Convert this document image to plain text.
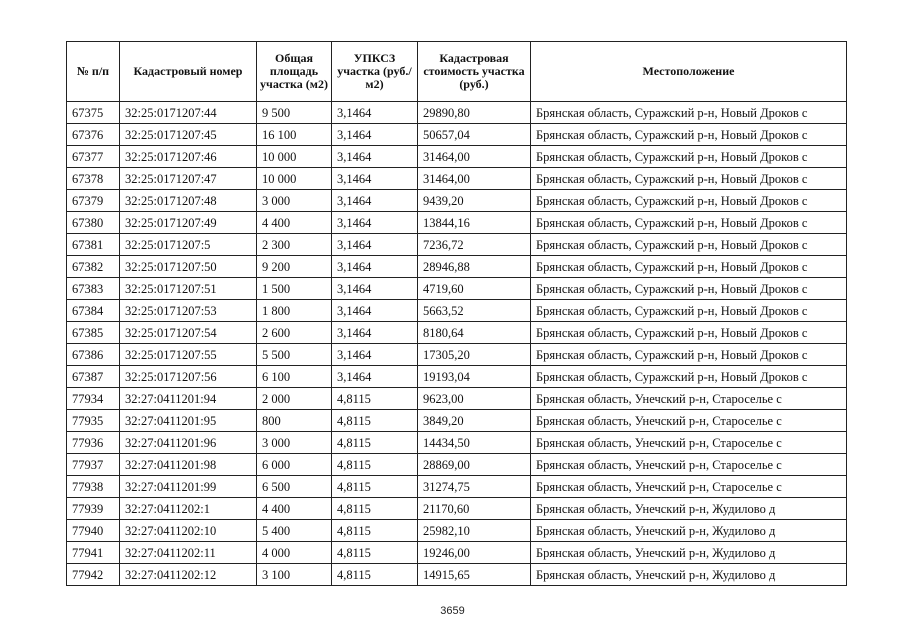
№ п/п	Кадастровый номер	Общая площадь участка (м2)	УПКСЗ участка (руб./м2)	Кадастровая стоимость участка (руб.)	Местоположение
67375	32:25:0171207:44	9 500	3,1464	29890,80	Брянская область, Суражский р-н, Новый Дроков с
67376	32:25:0171207:45	16 100	3,1464	50657,04	Брянская область, Суражский р-н, Новый Дроков с
67377	32:25:0171207:46	10 000	3,1464	31464,00	Брянская область, Суражский р-н, Новый Дроков с
67378	32:25:0171207:47	10 000	3,1464	31464,00	Брянская область, Суражский р-н, Новый Дроков с
67379	32:25:0171207:48	3 000	3,1464	9439,20	Брянская область, Суражский р-н, Новый Дроков с
67380	32:25:0171207:49	4 400	3,1464	13844,16	Брянская область, Суражский р-н, Новый Дроков с
67381	32:25:0171207:5	2 300	3,1464	7236,72	Брянская область, Суражский р-н, Новый Дроков с
67382	32:25:0171207:50	9 200	3,1464	28946,88	Брянская область, Суражский р-н, Новый Дроков с
67383	32:25:0171207:51	1 500	3,1464	4719,60	Брянская область, Суражский р-н, Новый Дроков с
67384	32:25:0171207:53	1 800	3,1464	5663,52	Брянская область, Суражский р-н, Новый Дроков с
67385	32:25:0171207:54	2 600	3,1464	8180,64	Брянская область, Суражский р-н, Новый Дроков с
67386	32:25:0171207:55	5 500	3,1464	17305,20	Брянская область, Суражский р-н, Новый Дроков с
67387	32:25:0171207:56	6 100	3,1464	19193,04	Брянская область, Суражский р-н, Новый Дроков с
77934	32:27:0411201:94	2 000	4,8115	9623,00	Брянская область, Унечский р-н, Староселье с
77935	32:27:0411201:95	800	4,8115	3849,20	Брянская область, Унечский р-н, Староселье с
77936	32:27:0411201:96	3 000	4,8115	14434,50	Брянская область, Унечский р-н, Староселье с
77937	32:27:0411201:98	6 000	4,8115	28869,00	Брянская область, Унечский р-н, Староселье с
77938	32:27:0411201:99	6 500	4,8115	31274,75	Брянская область, Унечский р-н, Староселье с
77939	32:27:0411202:1	4 400	4,8115	21170,60	Брянская область, Унечский р-н, Жудилово д
77940	32:27:0411202:10	5 400	4,8115	25982,10	Брянская область, Унечский р-н, Жудилово д
77941	32:27:0411202:11	4 000	4,8115	19246,00	Брянская область, Унечский р-н, Жудилово д
77942	32:27:0411202:12	3 100	4,8115	14915,65	Брянская область, Унечский р-н, Жудилово д
3659
